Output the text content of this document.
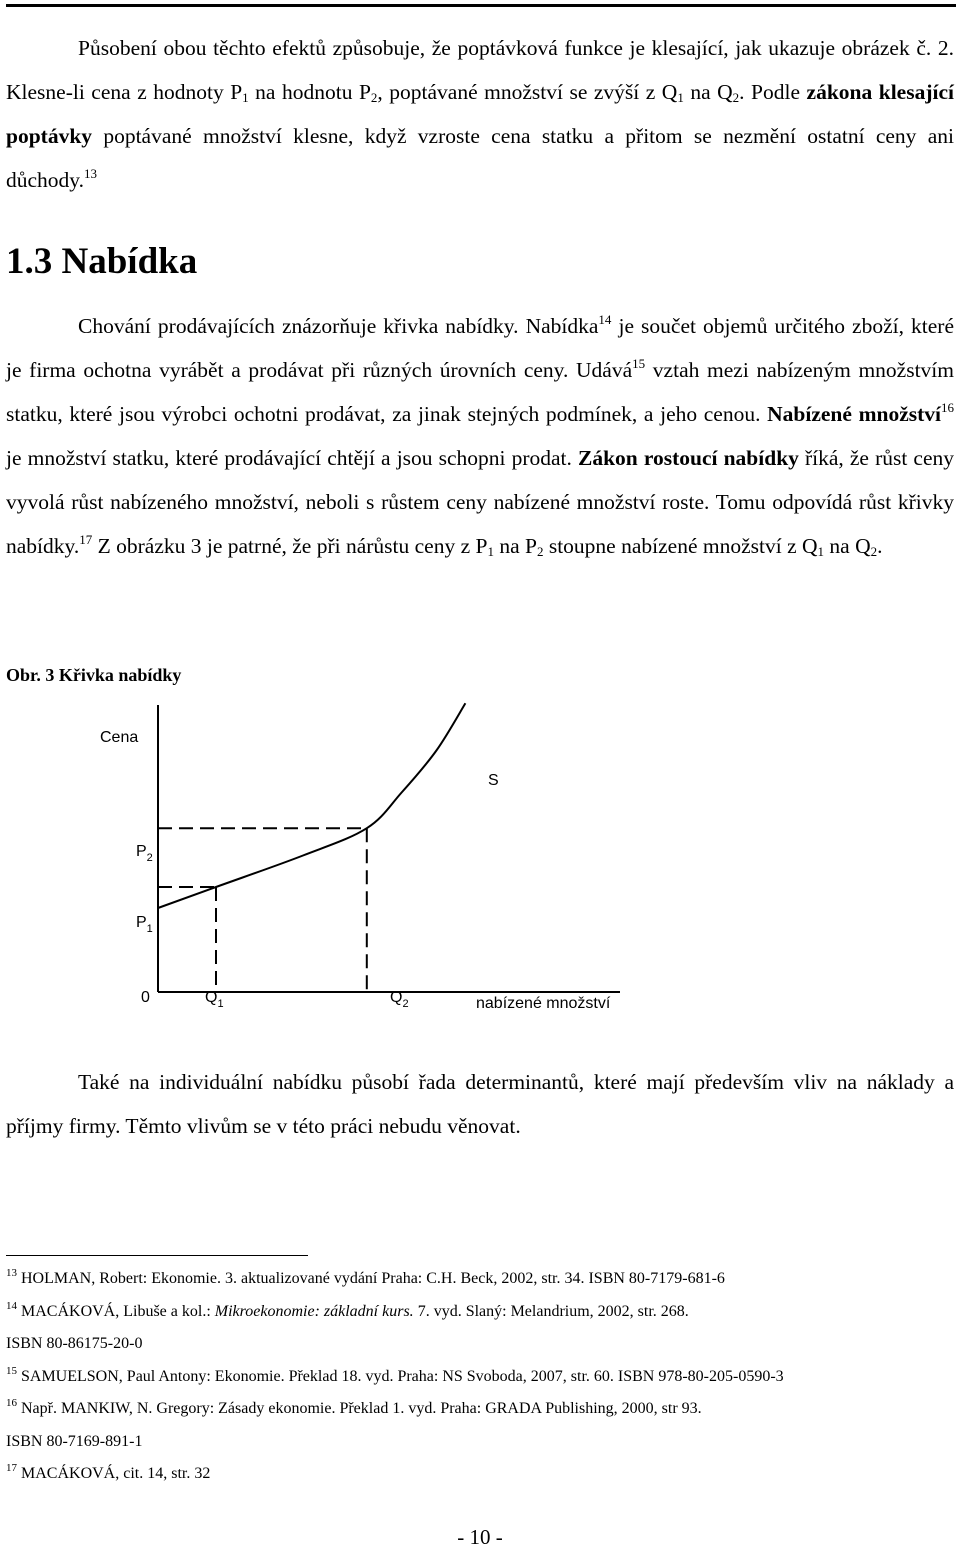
Působení obou těchto efektů způsobuje, že poptávková funkce je klesající, jak ukazuje obrázek č. 2. Klesne-li cena z hodnoty $P_1$ na hodnotu $P_2$, poptávané množství se zvýší z $Q_1$ na $Q_2$. Podle zákona klesající poptávky poptávané množství klesne, když vzroste cena statku a přitom se nezmění ostatní ceny ani důchody.$^{13}$

1.3 Nabídka

Chování prodávajících znázorňuje křivka nabídky. Nabídka$^{14}$ je součet objemů určitého zboží, které je firma ochotna vyrábět a prodávat při různých úrovních ceny. Udává$^{15}$ vztah mezi nabízeným množstvím statku, které jsou výrobci ochotni prodávat, za jinak stejných podmínek, a jeho cenou. Nabízené množství$^{16}$ je množství statku, které prodávající chtějí a jsou schopni prodat. Zákon rostoucí nabídky říká, že růst ceny vyvolá růst nabízeného množství, neboli s růstem ceny nabízené množství roste. Tomu odpovídá růst křivky nabídky.$^{17}$ Z obrázku 3 je patrné, že při nárůstu ceny z $P_1$ na $P_2$ stoupne nabízené množství z $Q_1$ na $Q_2$.

Obr. 3 Křivka nabídky
Cena
nabízené množství
0
S
$P_1$
$P_2$
$Q_1$	$Q_2$

Také na individuální nabídku působí řada determinantů, které mají především vliv na náklady a příjmy firmy. Těmto vlivům se v této práci nebudu věnovat.

$^{13}$ HOLMAN, Robert: Ekonomie. 3. aktualizované vydání Praha: C.H. Beck, 2002, str. 34. ISBN 80-7179-681-6

$^{14}$ MACÁKOVÁ, Libuše a kol.: Mikroekonomie: základní kurs. 7. vyd. Slaný: Melandrium, 2002, str. 268.

ISBN 80-86175-20-0

$^{15}$ SAMUELSON, Paul Antony: Ekonomie. Překlad 18. vyd. Praha: NS Svoboda, 2007, str. 60. ISBN 978-80-205-0590-3

$^{16}$ Např. MANKIW, N. Gregory: Zásady ekonomie. Překlad 1. vyd. Praha: GRADA Publishing, 2000, str 93.

ISBN 80-7169-891-1

$^{17}$ MACÁKOVÁ, cit. 14, str. 32

- 10 -
